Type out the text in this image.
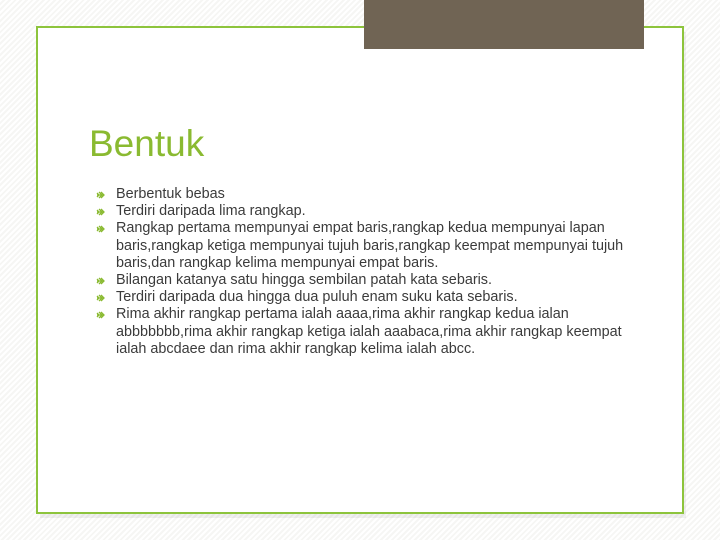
Bentuk
Berbentuk bebas
Terdiri daripada lima rangkap.
Rangkap pertama mempunyai empat baris,rangkap kedua mempunyai lapan baris,rangkap ketiga mempunyai tujuh baris,rangkap keempat mempunyai tujuh baris,dan rangkap kelima mempunyai empat baris.
Bilangan katanya satu hingga sembilan patah kata sebaris.
Terdiri daripada dua hingga dua puluh enam suku kata sebaris.
Rima akhir rangkap pertama ialah aaaa,rima akhir rangkap kedua ialan abbbbbbb,rima akhir rangkap ketiga ialah aaabaca,rima akhir rangkap keempat ialah abcdaee dan rima akhir rangkap kelima ialah abcc.
